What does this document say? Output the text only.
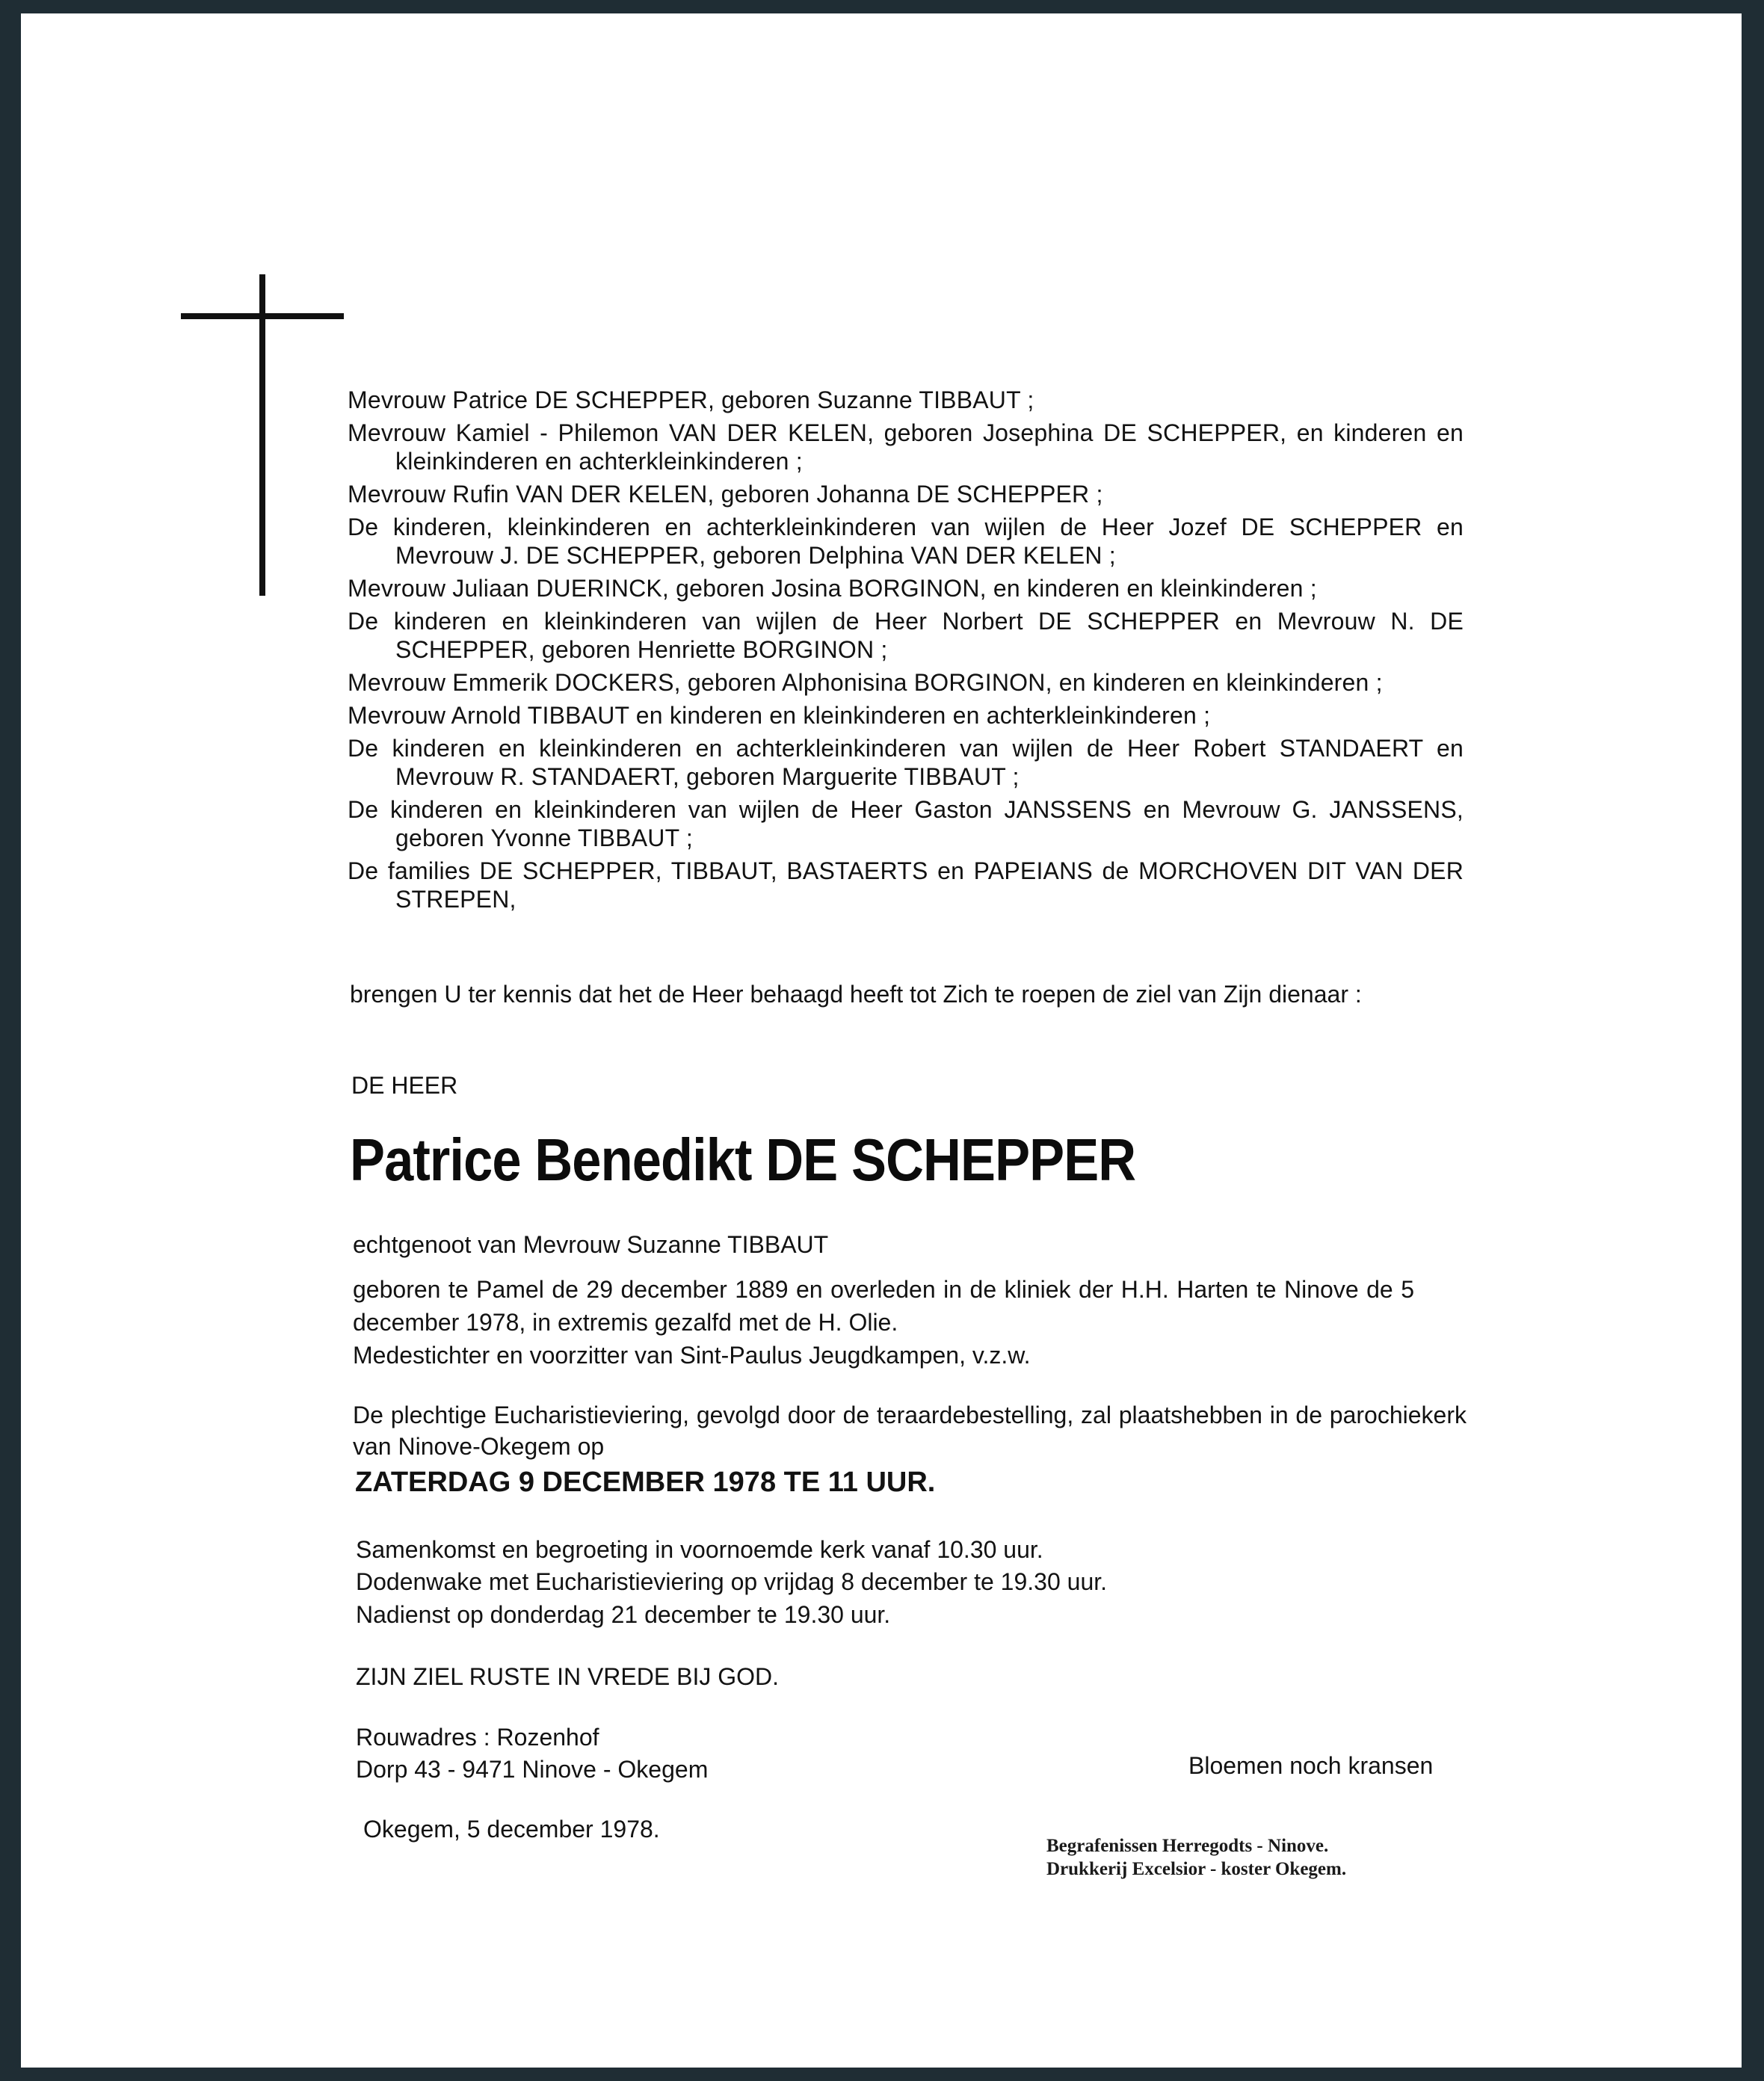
Mevrouw Patrice DE SCHEPPER, geboren Suzanne TIBBAUT ;

Mevrouw Kamiel - Philemon VAN DER KELEN, geboren Josephina DE SCHEPPER, en kinderen en kleinkinderen en achterkleinkinderen ;

Mevrouw Rufin VAN DER KELEN, geboren Johanna DE SCHEPPER ;

De kinderen, kleinkinderen en achterkleinkinderen van wijlen de Heer Jozef DE SCHEPPER en Mevrouw J. DE SCHEPPER, geboren Delphina VAN DER KELEN ;

Mevrouw Juliaan DUERINCK, geboren Josina BORGINON, en kinderen en kleinkinderen ;

De kinderen en kleinkinderen van wijlen de Heer Norbert DE SCHEPPER en Mevrouw N. DE SCHEPPER, geboren Henriette BORGINON ;

Mevrouw Emmerik DOCKERS, geboren Alphonisina BORGINON, en kinderen en kleinkinderen ;

Mevrouw Arnold TIBBAUT en kinderen en kleinkinderen en achterkleinkinderen ;

De kinderen en kleinkinderen en achterkleinkinderen van wijlen de Heer Robert STANDAERT en Mevrouw R. STANDAERT, geboren Marguerite TIBBAUT ;

De kinderen en kleinkinderen van wijlen de Heer Gaston JANSSENS en Mevrouw G. JANSSENS, geboren Yvonne TIBBAUT ;

De families DE SCHEPPER, TIBBAUT, BASTAERTS en PAPEIANS de MORCHOVEN DIT VAN DER STREPEN,

brengen U ter kennis dat het de Heer behaagd heeft tot Zich te roepen de ziel van Zijn dienaar :

DE HEER
Patrice Benedikt DE SCHEPPER
echtgenoot van Mevrouw Suzanne TIBBAUT

geboren te Pamel de 29 december 1889 en overleden in de kliniek der H.H. Harten te Ninove de 5 december 1978, in extremis gezalfd met de H. Olie.

Medestichter en voorzitter van Sint-Paulus Jeugdkampen, v.z.w.

De plechtige Eucharistieviering, gevolgd door de teraardebestelling, zal plaatshebben in de parochiekerk van Ninove-Okegem op

ZATERDAG 9 DECEMBER 1978 TE 11 UUR.
Samenkomst en begroeting in voornoemde kerk vanaf 10.30 uur.
Dodenwake met Eucharistieviering op vrijdag 8 december te 19.30 uur.
Nadienst op donderdag 21 december te 19.30 uur.
ZIJN ZIEL RUSTE IN VREDE BIJ GOD.
Rouwadres : Rozenhof
Dorp 43 - 9471 Ninove - Okegem	Bloemen noch kransen
Okegem, 5 december 1978.
Begrafenissen Herregodts - Ninove.
Drukkerij Excelsior - koster Okegem.
